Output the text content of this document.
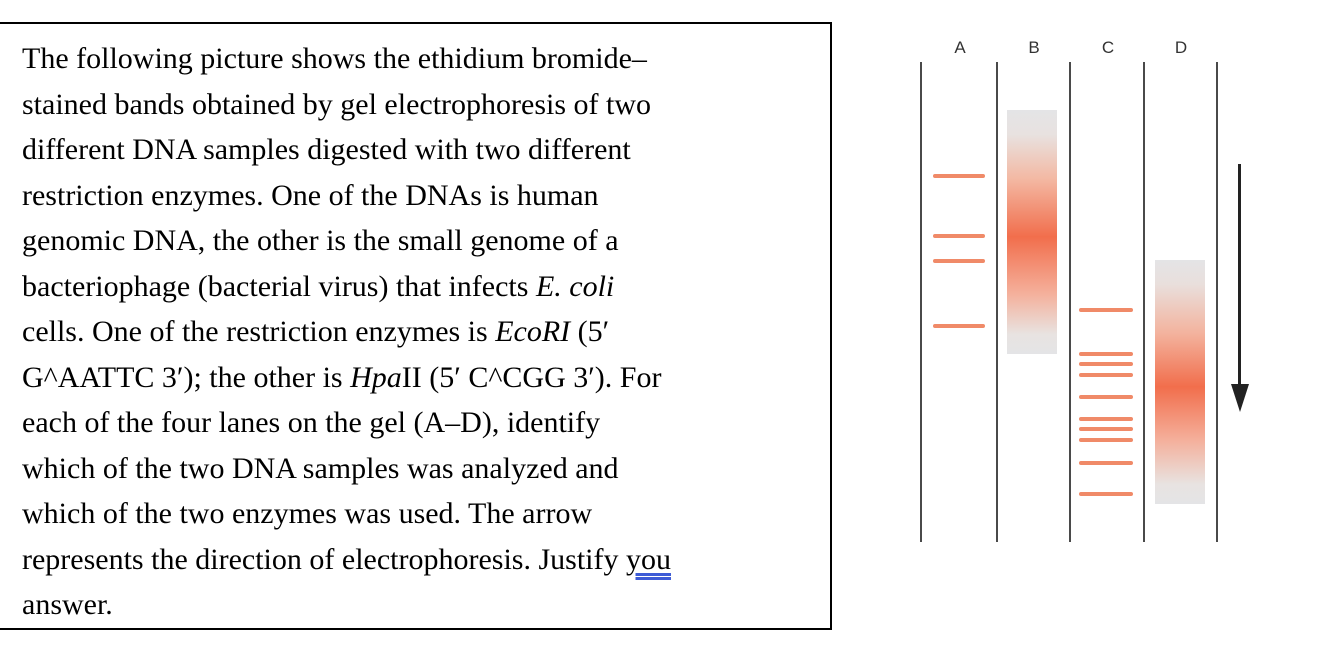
The following picture shows the ethidium bromide–
stained bands obtained by gel electrophoresis of two
different DNA samples digested with two different
restriction enzymes. One of the DNAs is human
genomic DNA, the other is the small genome of a
bacteriophage (bacterial virus) that infects E. coli
cells. One of the restriction enzymes is EcoRI (5′
G^AATTC 3′); the other is HpaII (5′ C^CGG 3′). For
each of the four lanes on the gel (A–D), identify
which of the two DNA samples was analyzed and
which of the two enzymes was used. The arrow
represents the direction of electrophoresis. Justify you
answer.
A	B	C	D
